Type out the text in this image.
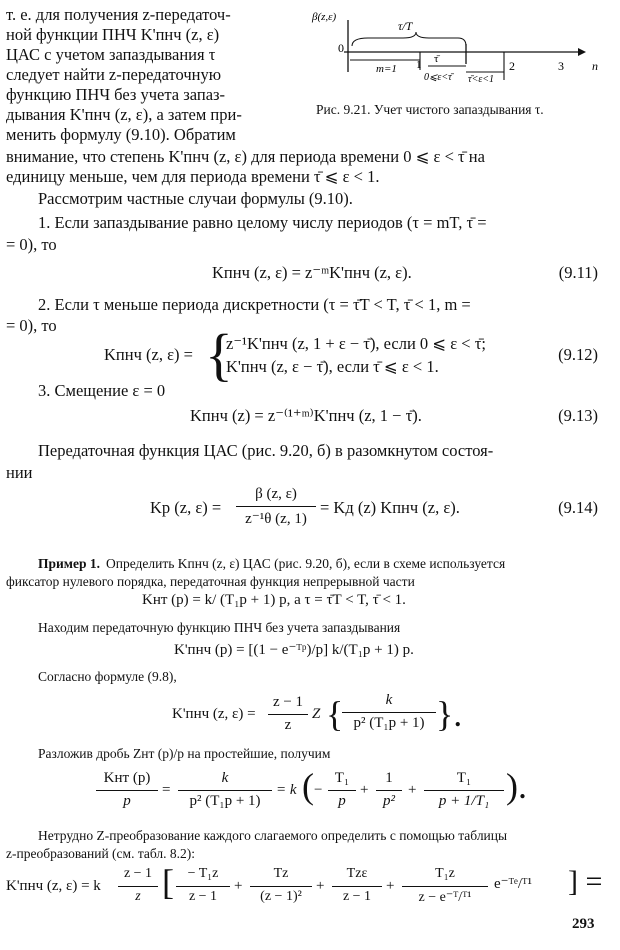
т. е. для получения z-передаточ-
ной функции ПНЧ K'пнч (z, ε)
ЦАС с учетом запаздывания τ
следует найти z-передаточную
функцию ПНЧ без учета запаз-
дывания K'пнч (z, ε), а затем при-
менить формулу (9.10). Обратим
внимание, что степень K'пнч (z, ε) для периода времени 0 ⩽ ε < τ̄ на
единицу меньше, чем для периода времени τ̄ ⩽ ε < 1.
β(z,ε)
0
τ/T
m=1 1 τ̄
0⩽ε<τ̄ τ̄<ε<1
2	3 n
Рис. 9.21. Учет чистого запаздывания τ.
Рассмотрим частные случаи формулы (9.10).
1. Если запаздывание равно целому числу периодов (τ = mT, τ̄ =
= 0), то
Kпнч (z, ε) = z⁻ᵐK'пнч (z, ε).	(9.11)
2. Если τ меньше периода дискретности (τ = τ̄T < T, τ̄ < 1, m =
= 0), то
Kпнч (z, ε) = {
z⁻¹K'пнч (z, 1 + ε − τ̄), если 0 ⩽ ε < τ̄;
K'пнч (z, ε − τ̄), если τ̄ ⩽ ε < 1.
(9.12)
3. Смещение ε = 0
Kпнч (z) = z⁻⁽¹⁺ᵐ⁾K'пнч (z, 1 − τ̄).	(9.13)
Передаточная функция ЦАС (рис. 9.20, б) в разомкнутом состоя-
нии
Kр (z, ε) =
β (z, ε)
z⁻¹θ (z, 1)
= Kд (z) Kпнч (z, ε).	(9.14)
Пример 1. Определить Kпнч (z, ε) ЦАС (рис. 9.20, б), если в схеме используется
фиксатор нулевого порядка, передаточная функция непрерывной части
Kнт (p) = k/ (T₁p + 1) p, а τ = τ̄T < T, τ̄ < 1.
Находим передаточную функцию ПНЧ без учета запаздывания
K'пнч (p) = [(1 − e⁻ᵀᵖ)/p] k/(T₁p + 1) p.
Согласно формуле (9.8),
K'пнч (z, ε) =
z − 1
z
Z {	k
p² (T₁p + 1) }.
Разложив дробь Zнт (p)/p на простейшие, получим
Kнт (p)
p
=
k
p² (T₁p + 1)
= k ( −
T₁
p
+
1
p²
+
T₁
p + 1/T₁ ).
Нетрудно Z-преобразование каждого слагаемого определить с помощью таблицы
z-преобразований (см. табл. 8.2):
K'пнч (z, ε) = k
z − 1
z [ − T₁z
z − 1
+
Tz
(z − 1)²
+
Tzε
z − 1
+
T₁z
z − e⁻ᵀ/ᵀ¹
e⁻ᵀᵉ/ᵀ¹ ] =
293
